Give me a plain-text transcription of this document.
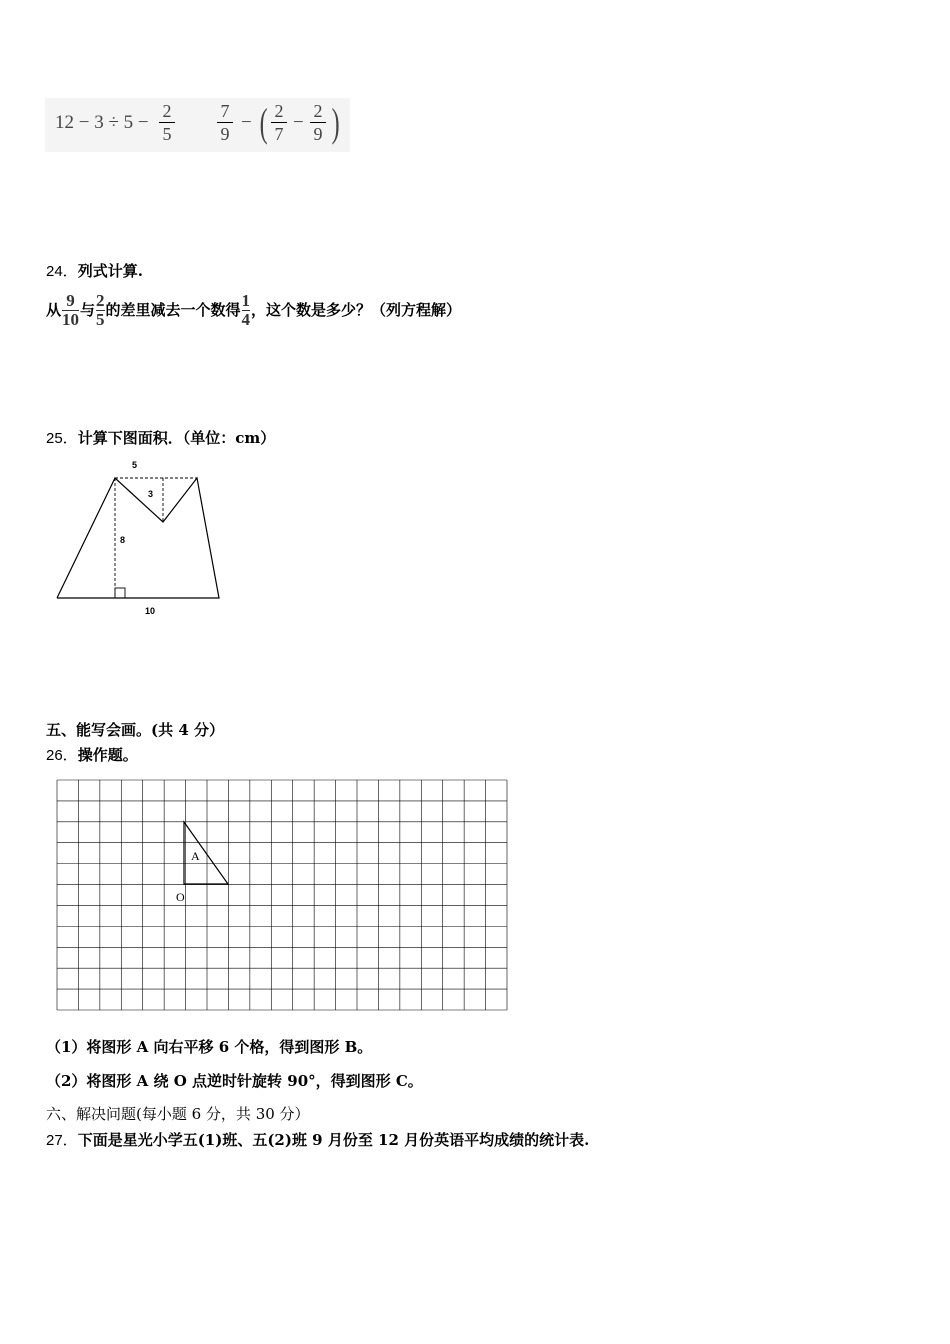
12 − 3 ÷ 5 −
2
5
7
9
− ( 2
7
−
2
9 )
24．列式计算.
从 $\frac{9}{10}$ 与 $\frac{2}{5}$ 的差里减去一个数得 $\frac{1}{4}$ ，这个数是多少？（列方程解）
25．计算下图面积．（单位：cm）
5
3
8
10
A
O
五、能写会画。(共 4 分）
26．操作题。
（1）将图形 A 向右平移 6 个格，得到图形 B。
（2）将图形 A 绕 O 点逆时针旋转 90°，得到图形 C。
六、解决问题(每小题 6 分，共 30 分）
27．下面是星光小学五(1)班、五(2)班 9 月份至 12 月份英语平均成绩的统计表.
